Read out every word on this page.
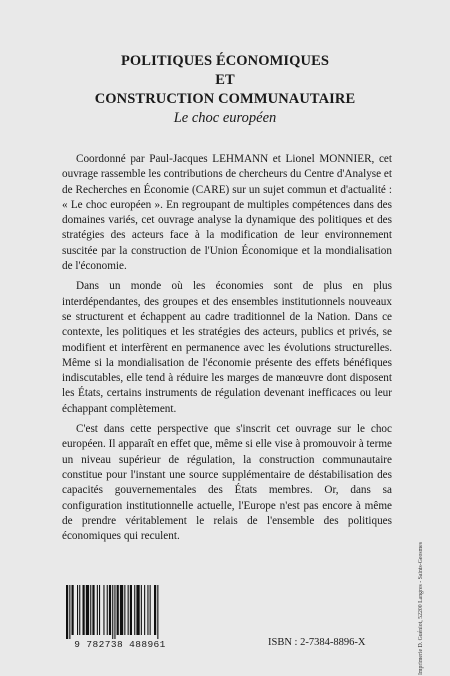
POLITIQUES ÉCONOMIQUES
ET
CONSTRUCTION COMMUNAUTAIRE
Le choc européen

Coordonné par Paul-Jacques LEHMANN et Lionel MONNIER, cet ouvrage rassemble les contributions de chercheurs du Centre d'Analyse et de Recherches en Économie (CARE) sur un sujet commun et d'actualité : « Le choc européen ». En regroupant de multiples compétences dans des domaines variés, cet ouvrage analyse la dynamique des politiques et des stratégies des acteurs face à la modification de leur environnement suscitée par la construction de l'Union Économique et la mondialisation de l'économie.

Dans un monde où les économies sont de plus en plus interdépendantes, des groupes et des ensembles institutionnels nouveaux se structurent et échappent au cadre traditionnel de la Nation. Dans ce contexte, les politiques et les stratégies des acteurs, publics et privés, se modifient et interfèrent en permanence avec les évolutions structurelles. Même si la mondialisation de l'économie présente des effets bénéfiques indiscutables, elle tend à réduire les marges de manœuvre dont disposent les États, certains instruments de régulation devenant inefficaces ou leur échappant complètement.

C'est dans cette perspective que s'inscrit cet ouvrage sur le choc européen. Il apparaît en effet que, même si elle vise à promouvoir à terme un niveau supérieur de régulation, la construction communautaire constitue pour l'instant une source supplémentaire de déstabilisation des capacités gouvernementales des États membres. Or, dans sa configuration institutionnelle actuelle, l'Europe n'est pas encore à même de prendre véritablement le relais de l'ensemble des politiques économiques qui reculent.

Imprimerie D. Guéniot, 52200 Langres - Saints-Geosmes
9 782738 488961	ISBN : 2-7384-8896-X
